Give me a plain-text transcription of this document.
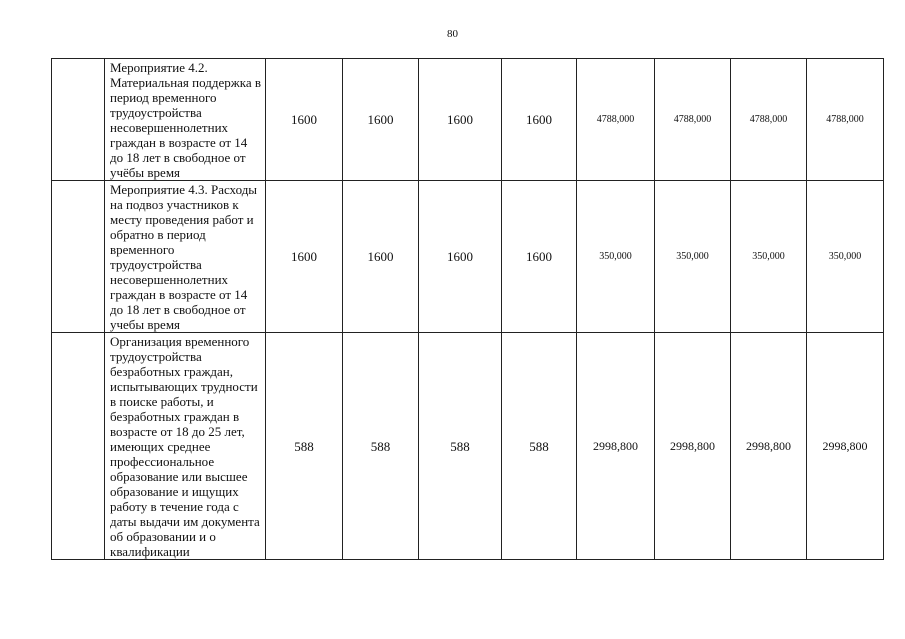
80
	Мероприятие 4.2. Материальная поддержка в период временного трудоустройства несовершеннолетних граждан в возрасте от 14 до 18 лет в свободное от учёбы время	1600	1600	1600	1600	4788,000	4788,000	4788,000	4788,000
	Мероприятие 4.3. Расходы на подвоз участников к месту проведения работ и обратно в период временного трудоустройства несовершеннолетних граждан в возрасте от 14 до 18 лет в свободное от учебы время	1600	1600	1600	1600	350,000	350,000	350,000	350,000
	Организация временного трудоустройства безработных граждан, испытывающих трудности в поиске работы, и безработных граждан в возрасте от 18 до 25 лет, имеющих среднее профессиональное образование или высшее образование и ищущих работу в течение года с даты выдачи им документа об образовании и о квалификации	588	588	588	588	2998,800	2998,800	2998,800	2998,800
